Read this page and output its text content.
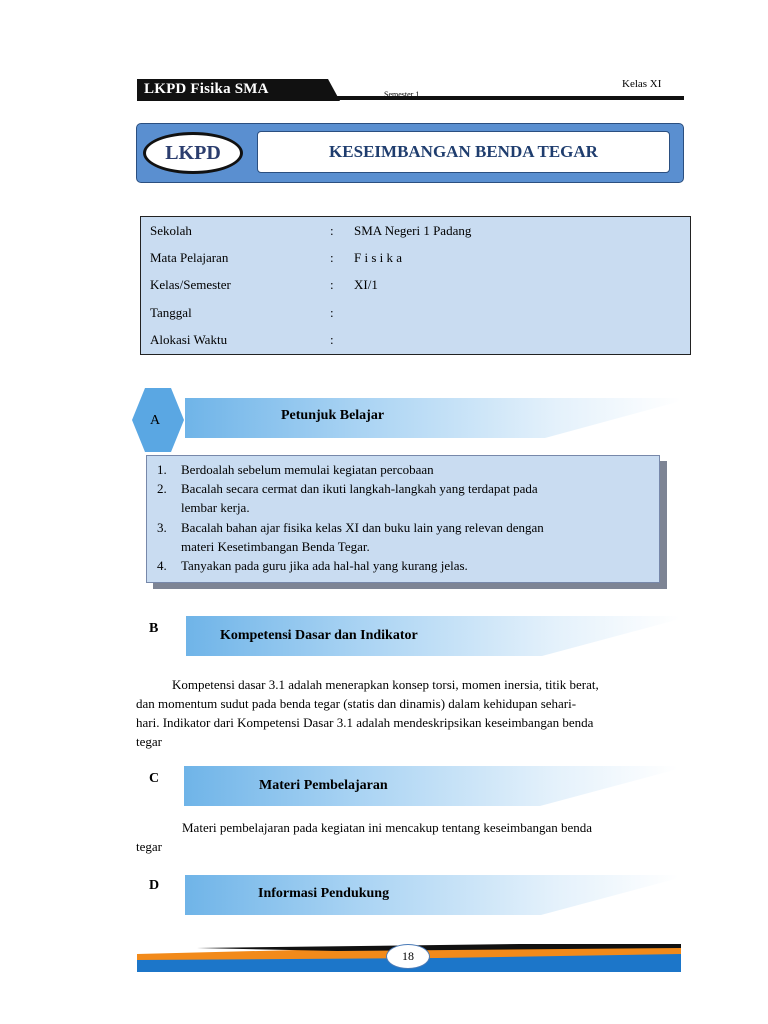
LKPD Fisika SMA	Semester 1
Kelas XI
LKPD	KESEIMBANGAN BENDA TEGAR
Sekolah	: SMA Negeri 1 Padang
Mata Pelajaran	: F i s i k a
Kelas/Semester	: XI/1
Tanggal	:
Alokasi Waktu	:
A	Petunjuk Belajar
1. Berdoalah sebelum memulai kegiatan percobaan
2. Bacalah secara cermat dan ikuti langkah-langkah yang terdapat pada
lembar kerja.
3. Bacalah bahan ajar fisika kelas XI dan buku lain yang relevan dengan
materi Kesetimbangan Benda Tegar.
4. Tanyakan pada guru jika ada hal-hal yang kurang jelas.
B	Kompetensi Dasar dan Indikator
Kompetensi dasar 3.1 adalah menerapkan konsep torsi, momen inersia, titik berat,
dan momentum sudut pada benda tegar (statis dan dinamis) dalam kehidupan sehari-
hari. Indikator dari Kompetensi Dasar 3.1 adalah mendeskripsikan keseimbangan benda
tegar
C	Materi Pembelajaran
Materi pembelajaran pada kegiatan ini mencakup tentang keseimbangan benda
tegar
D
Informasi Pendukung
18
